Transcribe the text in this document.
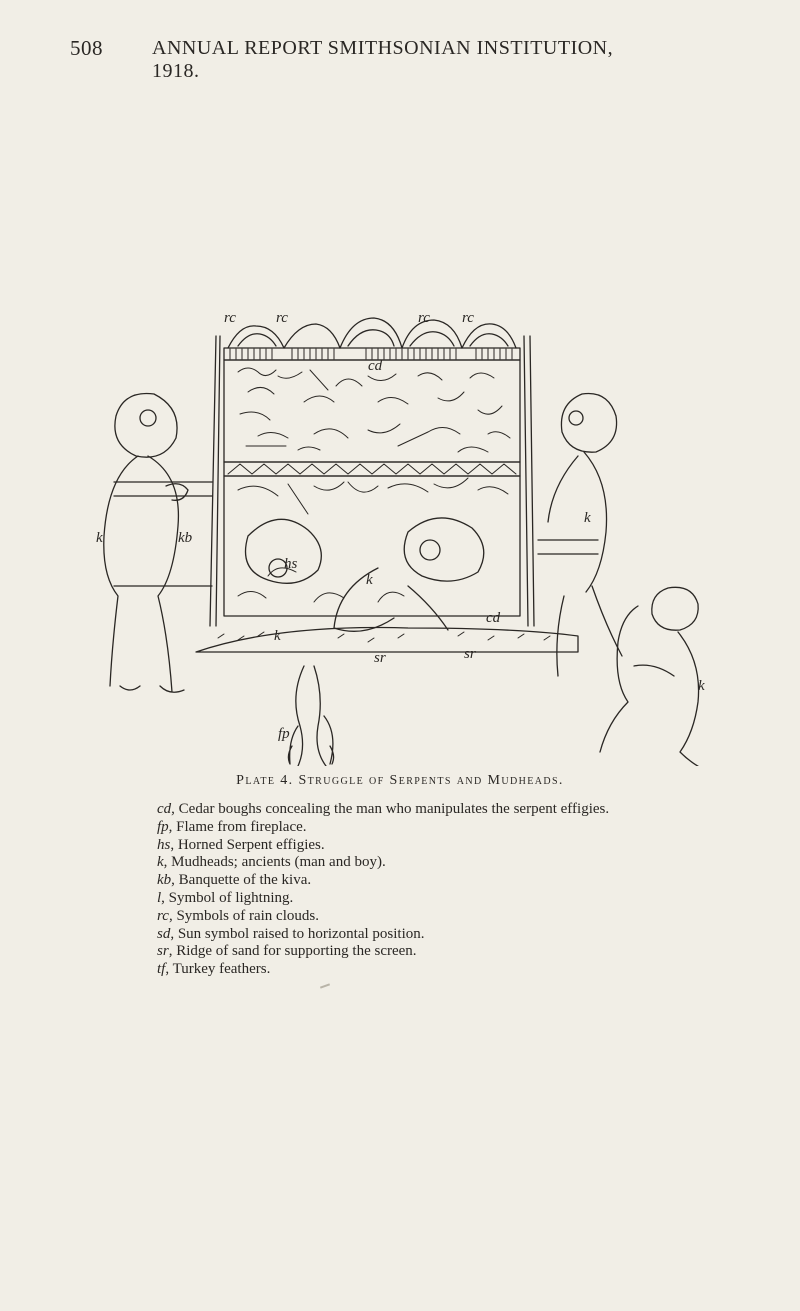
508 ANNUAL REPORT SMITHSONIAN INSTITUTION, 1918.
rc	rc	rc rc
cd
k	kb
k
hs
k
cd
k
sr	sr
k
fp
Plate 4. Struggle of Serpents and Mudheads.
cd, Cedar boughs concealing the man who manipulates the serpent effigies.
fp, Flame from fireplace.
hs, Horned Serpent effigies.
k, Mudheads; ancients (man and boy).
kb, Banquette of the kiva.
l, Symbol of lightning.
rc, Symbols of rain clouds.
sd, Sun symbol raised to horizontal position.
sr, Ridge of sand for supporting the screen.
tf, Turkey feathers.
